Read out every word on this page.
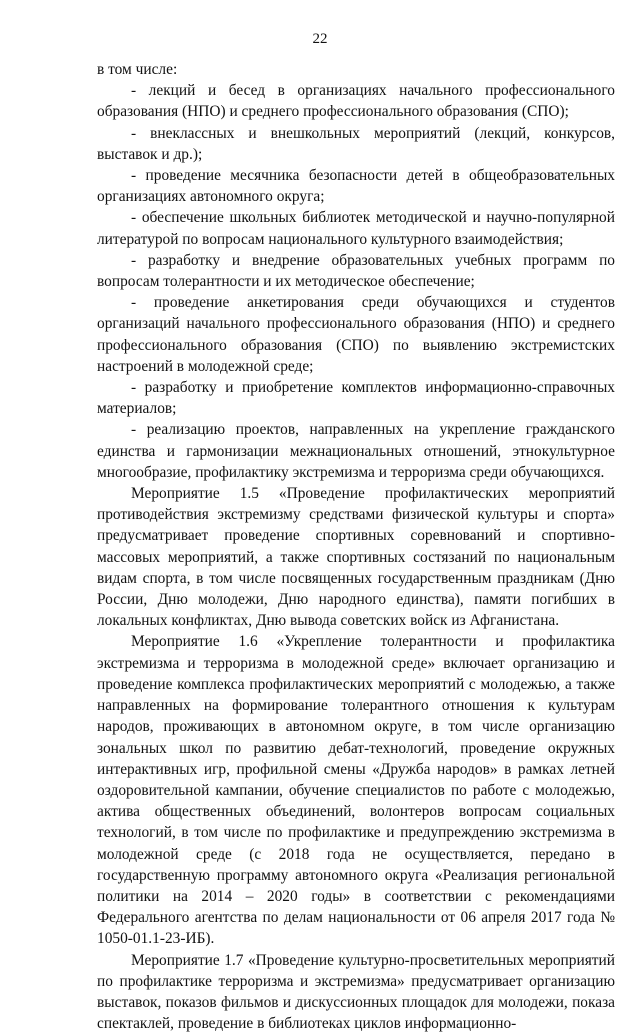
22

в том числе:

- лекций и бесед в организациях начального профессионального образования (НПО) и среднего профессионального образования (СПО);

- внеклассных и внешкольных мероприятий (лекций, конкурсов, выставок и др.);

- проведение месячника безопасности детей в общеобразовательных организациях автономного округа;

- обеспечение школьных библиотек методической и научно-популярной литературой по вопросам национального культурного взаимодействия;

- разработку и внедрение образовательных учебных программ по вопросам толерантности и их методическое обеспечение;

- проведение анкетирования среди обучающихся и студентов организаций начального профессионального образования (НПО) и среднего профессионального образования (СПО) по выявлению экстремистских настроений в молодежной среде;

- разработку и приобретение комплектов информационно-справочных материалов;

- реализацию проектов, направленных на укрепление гражданского единства и гармонизации межнациональных отношений, этнокультурное многообразие, профилактику экстремизма и терроризма среди обучающихся.

Мероприятие 1.5 «Проведение профилактических мероприятий противодействия экстремизму средствами физической культуры и спорта» предусматривает проведение спортивных соревнований и спортивно-массовых мероприятий, а также спортивных состязаний по национальным видам спорта, в том числе посвященных государственным праздникам (Дню России, Дню молодежи, Дню народного единства), памяти погибших в локальных конфликтах, Дню вывода советских войск из Афганистана.

Мероприятие 1.6 «Укрепление толерантности и профилактика экстремизма и терроризма в молодежной среде» включает организацию и проведение комплекса профилактических мероприятий с молодежью, а также направленных на формирование толерантного отношения к культурам народов, проживающих в автономном округе, в том числе организацию зональных школ по развитию дебат-технологий, проведение окружных интерактивных игр, профильной смены «Дружба народов» в рамках летней оздоровительной кампании, обучение специалистов по работе с молодежью, актива общественных объединений, волонтеров вопросам социальных технологий, в том числе по профилактике и предупреждению экстремизма в молодежной среде (с 2018 года не осуществляется, передано в государственную программу автономного округа «Реализация региональной политики на 2014 – 2020 годы» в соответствии с рекомендациями Федерального агентства по делам национальности от 06 апреля 2017 года № 1050-01.1-23-ИБ).

Мероприятие 1.7 «Проведение культурно-просветительных мероприятий по профилактике терроризма и экстремизма» предусматривает организацию выставок, показов фильмов и дискуссионных площадок для молодежи, показа спектаклей, проведение в библиотеках циклов информационно-
